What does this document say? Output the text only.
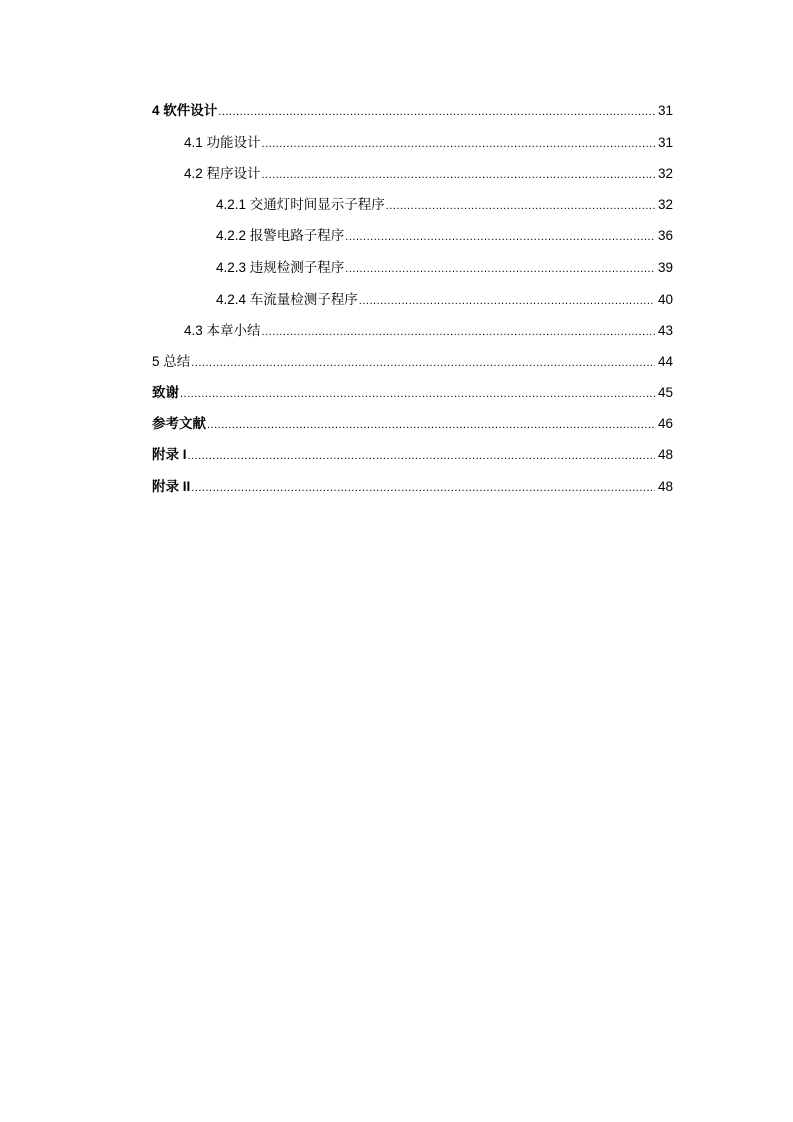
4 软件设计 .....	31
4.1 功能设计 .....	31
4.2 程序设计 .....	32
4.2.1 交通灯时间显示子程序 .....	32
4.2.2 报警电路子程序 .....	36
4.2.3 违规检测子程序 .....	39
4.2.4 车流量检测子程序 .....	40
4.3 本章小结 .....	43
5 总结 .....	44
致谢 .....	45
参考文献 .....	46
附录 I .....	48
附录 II .....	48
